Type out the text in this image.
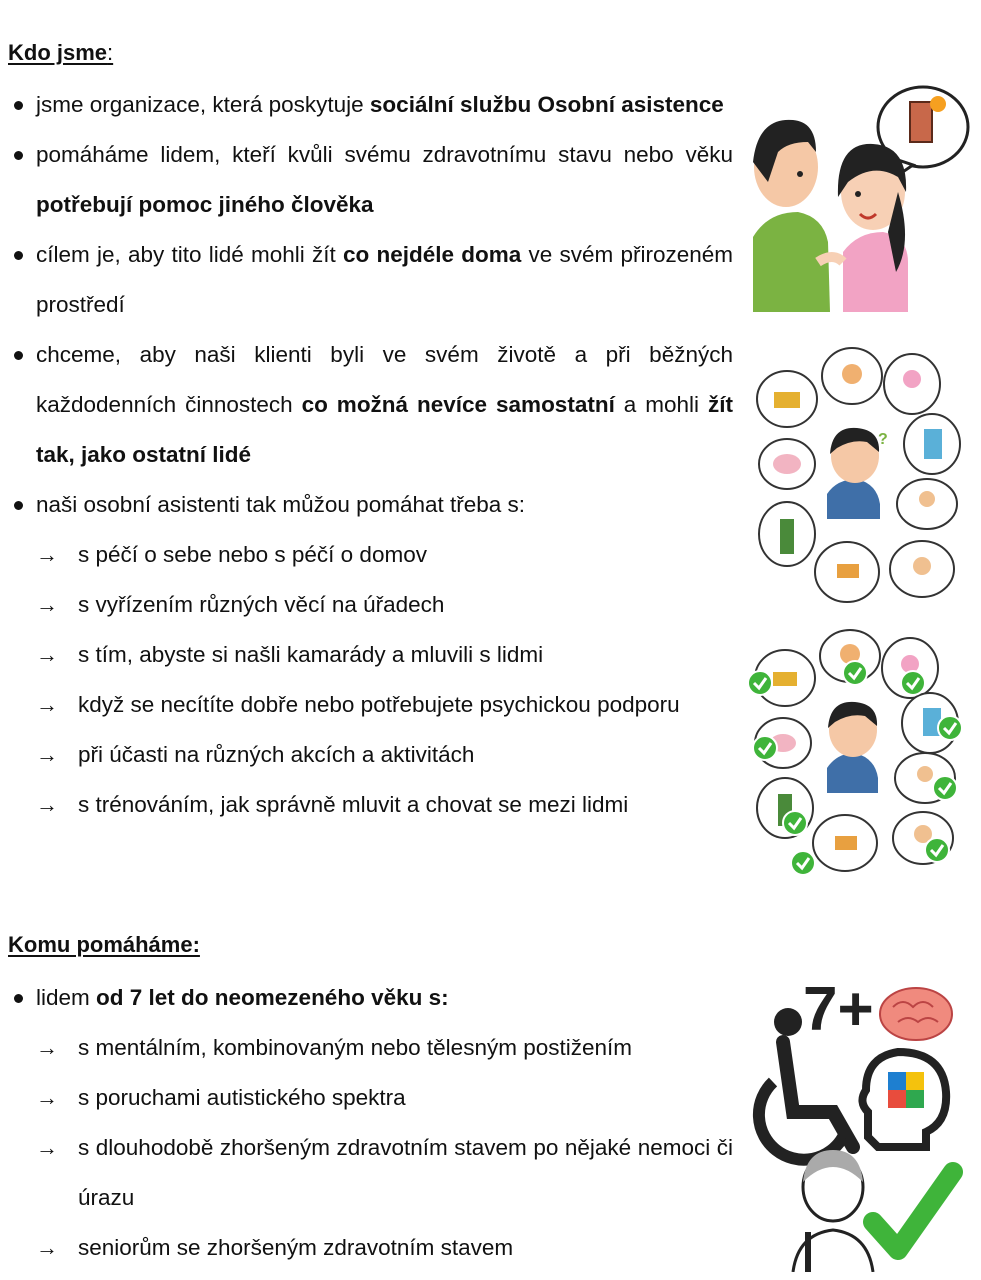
Kdo jsme:

jsme organizace, která poskytuje sociální službu Osobní asistence

pomáháme lidem, kteří kvůli svému zdravotnímu stavu nebo věku potřebují pomoc jiného člověka

cílem je, aby tito lidé mohli žít co nejdéle doma ve svém přirozeném prostředí

chceme, aby naši klienti byli ve svém životě a při běžných každodenních činnostech co možná nevíce samostatní a mohli žít tak, jako ostatní lidé

naši osobní asistenti tak můžou pomáhat třeba s:

→ s péčí o sebe nebo s péčí o domov

→ s vyřízením různých věcí na úřadech

→ s tím, abyste si našli kamarády a mluvili s lidmi

→ když se necítíte dobře nebo potřebujete psychickou podporu

→ při účasti na různých akcích a aktivitách

→ s trénováním, jak správně mluvit a chovat se mezi lidmi

Komu pomáháme:

lidem od 7 let do neomezeného věku s:

→ s mentálním, kombinovaným nebo tělesným postižením

→ s poruchami autistického spektra

→ s dlouhodobě zhoršeným zdravotním stavem po nějaké nemoci či úrazu

→ seniorům se zhoršeným zdravotním stavem

?
7+
